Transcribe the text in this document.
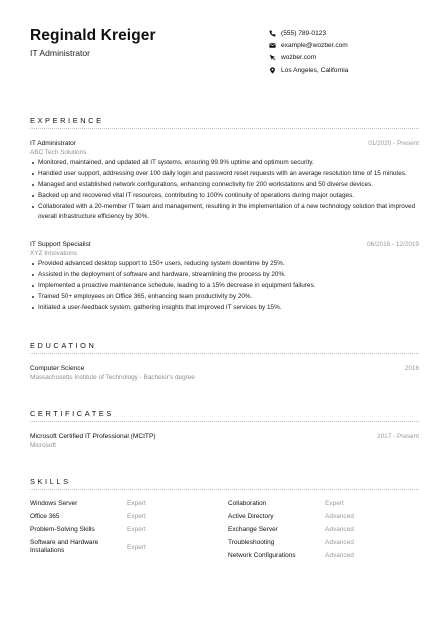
Reginald Kreiger
IT Administrator
(555) 789-0123
example@wozber.com
wozber.com
Los Angeles, California
EXPERIENCE
IT Administrator	01/2020 - Present
ABC Tech Solutions
Monitored, maintained, and updated all IT systems, ensuring 99.9% uptime and optimum security.
Handled user support, addressing over 100 daily login and password reset requests with an average resolution time of 15 minutes.
Managed and established network configurations, enhancing connectivity for 200 workstations and 50 diverse devices.
Backed up and recovered vital IT resources, contributing to 100% continuity of operations during major outages.
Collaborated with a 20-member IT team and management, resulting in the implementation of a new technology solution that improved overall infrastructure efficiency by 30%.
IT Support Specialist	06/2016 - 12/2019
XYZ Innovations
Provided advanced desktop support to 150+ users, reducing system downtime by 25%.
Assisted in the deployment of software and hardware, streamlining the process by 20%.
Implemented a proactive maintenance schedule, leading to a 15% decrease in equipment failures.
Trained 50+ employees on Office 365, enhancing team productivity by 20%.
Initiated a user-feedback system, gathering insights that improved IT services by 15%.
EDUCATION
Computer Science	2016
Massachusetts Institute of Technology - Bachelor's degree
CERTIFICATES
Microsoft Certified IT Professional (MCITP)	2017 - Present
Microsoft
SKILLS
Windows Server	Expert
Office 365	Expert
Problem-Solving Skills	Expert
Software and Hardware Installations	Expert
Collaboration	Expert
Active Directory	Advanced
Exchange Server	Advanced
Troubleshooting	Advanced
Network Configurations	Advanced
